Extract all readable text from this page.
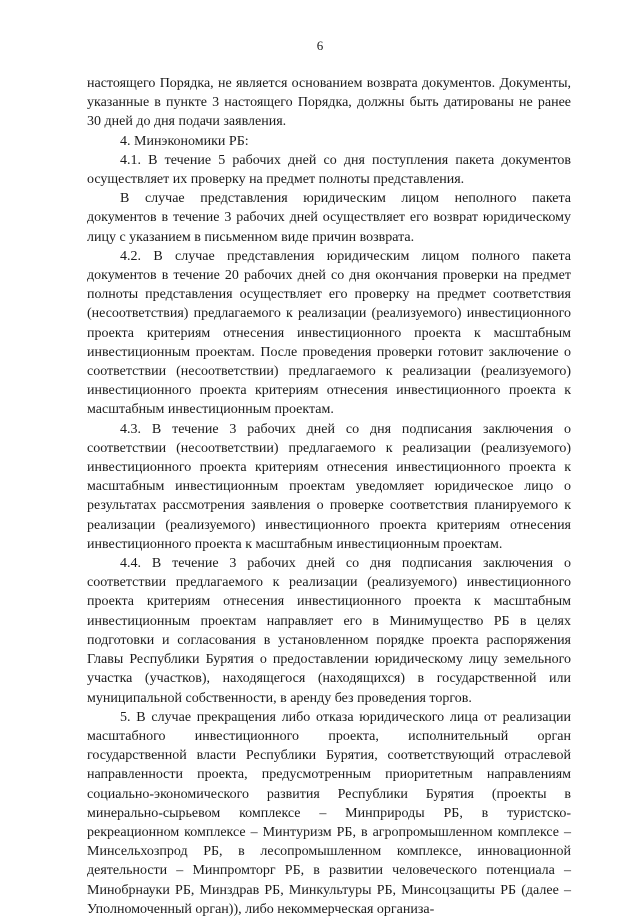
6

настоящего Порядка, не является основанием возврата документов. Документы, указанные в пункте 3 настоящего Порядка, должны быть датированы не ранее 30 дней до дня подачи заявления.

4. Минэкономики РБ:

4.1. В течение 5 рабочих дней со дня поступления пакета документов осуществляет их проверку на предмет полноты представления.

В случае представления юридическим лицом неполного пакета документов в течение 3 рабочих дней осуществляет его возврат юридическому лицу с указанием в письменном виде причин возврата.

4.2. В случае представления юридическим лицом полного пакета документов в течение 20 рабочих дней со дня окончания проверки на предмет полноты представления осуществляет его проверку на предмет соответствия (несоответствия) предлагаемого к реализации (реализуемого) инвестиционного проекта критериям отнесения инвестиционного проекта к масштабным инвестиционным проектам. После проведения проверки готовит заключение о соответствии (несоответствии) предлагаемого к реализации (реализуемого) инвестиционного проекта критериям отнесения инвестиционного проекта к масштабным инвестиционным проектам.

4.3. В течение 3 рабочих дней со дня подписания заключения о соответствии (несоответствии) предлагаемого к реализации (реализуемого) инвестиционного проекта критериям отнесения инвестиционного проекта к масштабным инвестиционным проектам уведомляет юридическое лицо о результатах рассмотрения заявления о проверке соответствия планируемого к реализации (реализуемого) инвестиционного проекта критериям отнесения инвестиционного проекта к масштабным инвестиционным проектам.

4.4. В течение 3 рабочих дней со дня подписания заключения о соответствии предлагаемого к реализации (реализуемого) инвестиционного проекта критериям отнесения инвестиционного проекта к масштабным инвестиционным проектам направляет его в Минимущество РБ в целях подготовки и согласования в установленном порядке проекта распоряжения Главы Республики Бурятия о предоставлении юридическому лицу земельного участка (участков), находящегося (находящихся) в государственной или муниципальной собственности, в аренду без проведения торгов.

5. В случае прекращения либо отказа юридического лица от реализации масштабного инвестиционного проекта, исполнительный орган государственной власти Республики Бурятия, соответствующий отраслевой направленности проекта, предусмотренным приоритетным направлениям социально-экономического развития Республики Бурятия (проекты в минерально-сырьевом комплексе – Минприроды РБ, в туристско-рекреационном комплексе – Минтуризм РБ, в агропромышленном комплексе – Минсельхозпрод РБ, в лесопромышленном комплексе, инновационной деятельности – Минпромторг РБ, в развитии человеческого потенциала – Минобрнауки РБ, Минздрав РБ, Минкультуры РБ, Минсоцзащиты РБ (далее – Уполномоченный орган)), либо некоммерческая организа-
